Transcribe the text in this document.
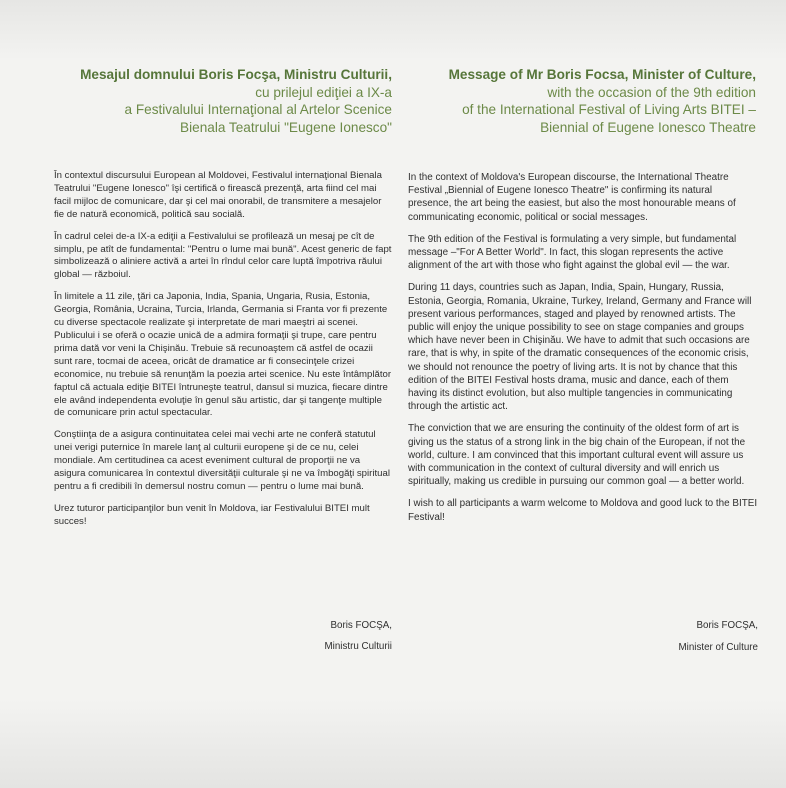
Mesajul domnului Boris Focşa, Ministru Culturii,
cu prilejul ediţiei a IX-a
a Festivalului Internaţional al Artelor Scenice
Bienala Teatrului "Eugene Ionesco"

În contextul discursului European al Moldovei, Festivalul internaţional Bienala Teatrului "Eugene Ionesco" îşi certifică o firească prezenţă, arta fiind cel mai facil mijloc de comunicare, dar şi cel mai onorabil, de transmitere a mesajelor fie de natură economică, politică sau socială.

În cadrul celei de-a IX-a ediţii a Festivalului se profilează un mesaj pe cît de simplu, pe atît de fundamental: "Pentru o lume mai bună". Acest generic de fapt simbolizează o aliniere activă a artei în rîndul celor care luptă împotriva răului global — războiul.

În limitele a 11 zile, ţări ca Japonia, India, Spania, Ungaria, Rusia, Estonia, Georgia, România, Ucraina, Turcia, Irlanda, Germania si Franta vor fi prezente cu diverse spectacole realizate şi interpretate de mari maeştri ai scenei. Publicului i se oferă o ocazie unică de a admira formaţii şi trupe, care pentru prima dată vor veni la Chişinău. Trebuie să recunoaştem că astfel de ocazii sunt rare, tocmai de aceea, oricât de dramatice ar fi consecinţele crizei economice, nu trebuie să renunţăm la poezia artei scenice. Nu este întâmplător faptul că actuala ediţie BITEI întruneşte teatrul, dansul si muzica, fiecare dintre ele având independenta evoluţie în genul său artistic, dar şi tangenţe multiple de comunicare prin actul spectacular.

Conştiinţa de a asigura continuitatea celei mai vechi arte ne conferă statutul unei verigi puternice în marele lanţ al culturii europene şi de ce nu, celei mondiale. Am certitudinea ca acest eveniment cultural de proporţii ne va asigura comunicarea în contextul diversităţii culturale şi ne va îmbogăţi spiritual pentru a fi credibili în demersul nostru comun — pentru o lume mai bună.

Urez tuturor participanţilor bun venit în Moldova, iar Festivalului BITEI mult succes!

Boris FOCŞA,
Ministru Culturii
Message of Mr Boris Focsa, Minister of Culture,
with the occasion of the 9th edition
of the International Festival of Living Arts BITEI –
Biennial of Eugene Ionesco Theatre

In the context of Moldova's European discourse, the International Theatre Festival „Biennial of Eugene Ionesco Theatre" is confirming its natural presence, the art being the easiest, but also the most honourable means of communicating economic, political or social messages.

The 9th edition of the Festival is formulating a very simple, but fundamental message –"For A Better World". In fact, this slogan represents the active alignment of the art with those who fight against the global evil — the war.

During 11 days, countries such as Japan, India, Spain, Hungary, Russia, Estonia, Georgia, Romania, Ukraine, Turkey, Ireland, Germany and France will present various performances, staged and played by renowned artists. The public will enjoy the unique possibility to see on stage companies and groups which have never been in Chişinău. We have to admit that such occasions are rare, that is why, in spite of the dramatic consequences of the economic crisis, we should not renounce the poetry of living arts. It is not by chance that this edition of the BITEI Festival hosts drama, music and dance, each of them having its distinct evolution, but also multiple tangencies in communicating through the artistic act.

The conviction that we are ensuring the continuity of the oldest form of art is giving us the status of a strong link in the big chain of the European, if not the world, culture. I am convinced that this important cultural event will assure us with communication in the context of cultural diversity and will enrich us spiritually, making us credible in pursuing our common goal — a better world.

I wish to all participants a warm welcome to Moldova and good luck to the BITEI Festival!

Boris FOCŞA,
Minister of Culture
